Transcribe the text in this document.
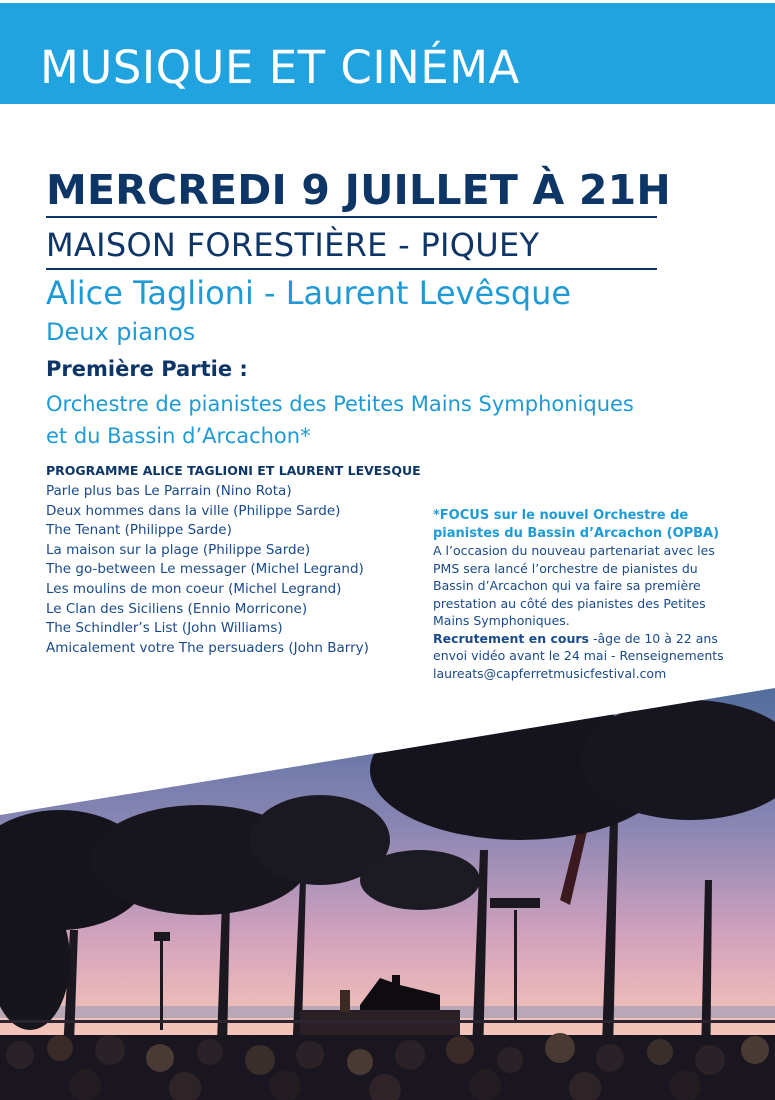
MUSIQUE ET CINÉMA
MERCREDI 9 JUILLET À 21H
MAISON FORESTIÈRE - PIQUEY
Alice Taglioni - Laurent Levêsque
Deux pianos
Première Partie :
Orchestre de pianistes des Petites Mains Symphoniques
et du Bassin d’Arcachon*
PROGRAMME ALICE TAGLIONI ET LAURENT LEVESQUE
Parle plus bas Le Parrain (Nino Rota)
Deux hommes dans la ville (Philippe Sarde)
The Tenant (Philippe Sarde)
La maison sur la plage (Philippe Sarde)
The go-between Le messager (Michel Legrand)
Les moulins de mon coeur (Michel Legrand)
Le Clan des Siciliens (Ennio Morricone)
The Schindler’s List (John Williams)
Amicalement votre The persuaders (John Barry)
*FOCUS sur le nouvel Orchestre de
pianistes du Bassin d’Arcachon (OPBA)
A l’occasion du nouveau partenariat avec les
PMS sera lancé l’orchestre de pianistes du
Bassin d’Arcachon qui va faire sa première
prestation au côté des pianistes des Petites
Mains Symphoniques.
Recrutement en cours -âge de 10 à 22 ans
envoi vidéo avant le 24 mai - Renseignements
laureats@capferretmusicfestival.com
